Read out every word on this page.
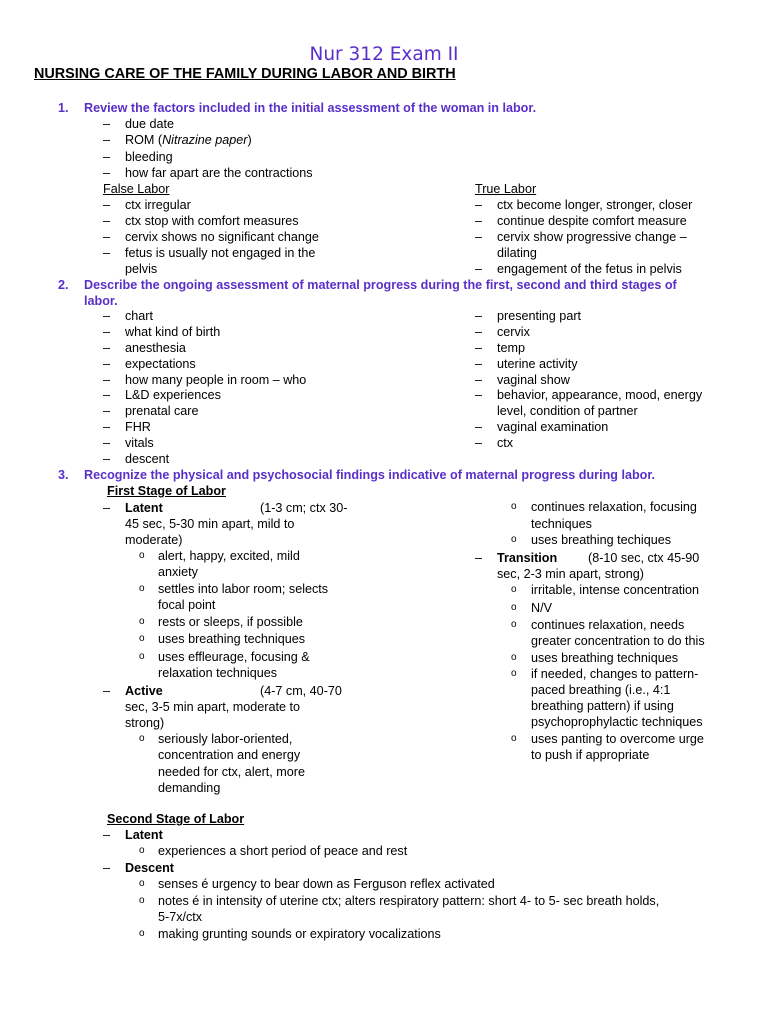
Nur 312 Exam II
NURSING CARE OF THE FAMILY DURING LABOR AND BIRTH
1. Review the factors included in the initial assessment of the woman in labor.
– due date
– ROM (Nitrazine paper)
– bleeding
– how far apart are the contractions
False Labor	True Labor
– ctx irregular
– ctx stop with comfort measures
– cervix shows no significant change
– fetus is usually not engaged in the
pelvis
– ctx become longer, stronger, closer
– continue despite comfort measure
– cervix show progressive change –
dilating
– engagement of the fetus in pelvis
2. Describe the ongoing assessment of maternal progress during the first, second and third stages of
labor.
– chart
– what kind of birth
– anesthesia
– expectations
– how many people in room – who
– L&D experiences
– prenatal care
– FHR
– vitals
– descent
– presenting part
– cervix
– temp
– uterine activity
– vaginal show
– behavior, appearance, mood, energy
level, condition of partner
– vaginal examination
– ctx
3. Recognize the physical and psychosocial findings indicative of maternal progress during labor.
First Stage of Labor
– Latent	(1-3 cm; ctx 30-
45 sec, 5-30 min apart, mild to
moderate)
o alert, happy, excited, mild
anxiety
o settles into labor room; selects
focal point
o rests or sleeps, if possible
o uses breathing techniques
o uses effleurage, focusing &
relaxation techniques
– Active	(4-7 cm, 40-70
sec, 3-5 min apart, moderate to
strong)
o seriously labor-oriented,
concentration and energy
needed for ctx, alert, more
demanding
o continues relaxation, focusing
techniques
o uses breathing techiques
– Transition (8-10 sec, ctx 45-90
sec, 2-3 min apart, strong)
o irritable, intense concentration
o N/V
o continues relaxation, needs
greater concentration to do this
o uses breathing techniques
o if needed, changes to pattern-
paced breathing (i.e., 4:1
breathing pattern) if using
psychoprophylactic techniques
o uses panting to overcome urge
to push if appropriate
Second Stage of Labor
– Latent
o experiences a short period of peace and rest
– Descent
o senses é urgency to bear down as Ferguson reflex activated
o notes é in intensity of uterine ctx; alters respiratory pattern: short 4- to 5- sec breath holds,
5-7x/ctx
o making grunting sounds or expiratory vocalizations
